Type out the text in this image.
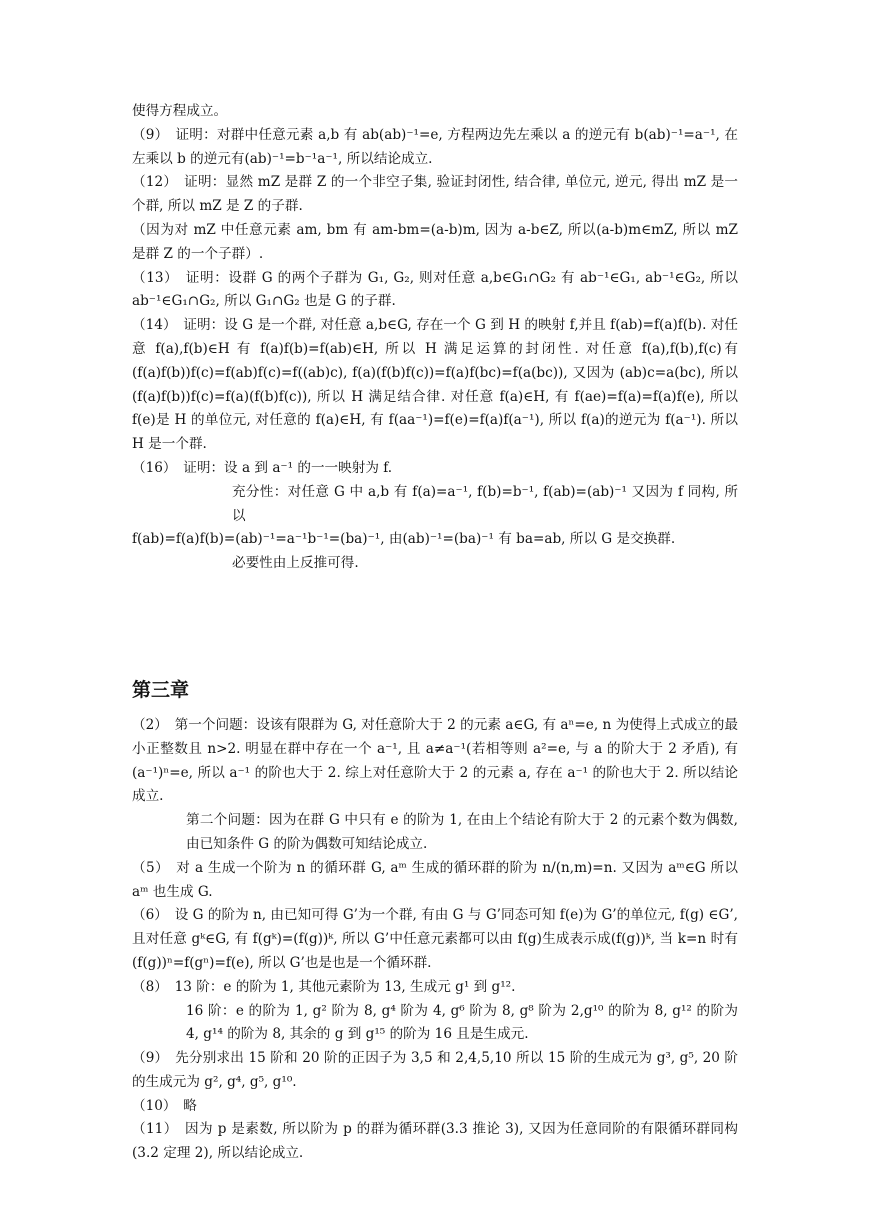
使得方程成立。

（9）　证明：对群中任意元素 a,b 有 ab(ab)⁻¹=e, 方程两边先左乘以 a 的逆元有 b(ab)⁻¹=a⁻¹, 在左乘以 b 的逆元有(ab)⁻¹=b⁻¹a⁻¹, 所以结论成立.

（12）　证明：显然 mZ 是群 Z 的一个非空子集, 验证封闭性, 结合律, 单位元, 逆元, 得出 mZ 是一个群, 所以 mZ 是 Z 的子群.

（因为对 mZ 中任意元素 am, bm 有 am-bm=(a-b)m, 因为 a-b∈Z, 所以(a-b)m∈mZ, 所以 mZ 是群 Z 的一个子群）.

（13）　证明：设群 G 的两个子群为 G₁, G₂, 则对任意 a,b∈G₁∩G₂ 有 ab⁻¹∈G₁, ab⁻¹∈G₂, 所以 ab⁻¹∈G₁∩G₂, 所以 G₁∩G₂ 也是 G 的子群.

（14）　证明：设 G 是一个群, 对任意 a,b∈G, 存在一个 G 到 H 的映射 f,并且 f(ab)=f(a)f(b). 对任意 f(a),f(b)∈H 有 f(a)f(b)=f(ab)∈H, 所以 H 满足运算的封闭性. 对任意 f(a),f(b),f(c)有(f(a)f(b))f(c)=f(ab)f(c)=f((ab)c), f(a)(f(b)f(c))=f(a)f(bc)=f(a(bc)), 又因为 (ab)c=a(bc), 所以(f(a)f(b))f(c)=f(a)(f(b)f(c)), 所以 H 满足结合律. 对任意 f(a)∈H, 有 f(ae)=f(a)=f(a)f(e), 所以 f(e)是 H 的单位元, 对任意的 f(a)∈H, 有 f(aa⁻¹)=f(e)=f(a)f(a⁻¹), 所以 f(a)的逆元为 f(a⁻¹). 所以 H 是一个群.

（16）　证明：设 a 到 a⁻¹ 的一一映射为 f.

充分性：对任意 G 中 a,b 有 f(a)=a⁻¹, f(b)=b⁻¹, f(ab)=(ab)⁻¹ 又因为 f 同构, 所以

f(ab)=f(a)f(b)=(ab)⁻¹=a⁻¹b⁻¹=(ba)⁻¹, 由(ab)⁻¹=(ba)⁻¹ 有 ba=ab, 所以 G 是交换群.

必要性由上反推可得.

第三章

（2）　第一个问题：设该有限群为 G, 对任意阶大于 2 的元素 a∈G, 有 aⁿ=e, n 为使得上式成立的最小正整数且 n>2. 明显在群中存在一个 a⁻¹, 且 a≠a⁻¹(若相等则 a²=e, 与 a 的阶大于 2 矛盾), 有(a⁻¹)ⁿ=e, 所以 a⁻¹ 的阶也大于 2. 综上对任意阶大于 2 的元素 a, 存在 a⁻¹ 的阶也大于 2. 所以结论成立.

第二个问题：因为在群 G 中只有 e 的阶为 1, 在由上个结论有阶大于 2 的元素个数为偶数, 由已知条件 G 的阶为偶数可知结论成立.

（5）　对 a 生成一个阶为 n 的循环群 G, aᵐ 生成的循环群的阶为 n/(n,m)=n. 又因为 aᵐ∈G 所以 aᵐ 也生成 G.

（6）　设 G 的阶为 n, 由已知可得 G’为一个群, 有由 G 与 G’同态可知 f(e)为 G’的单位元, f(g) ∈G’, 且对任意 gᵏ∈G, 有 f(gᵏ)=(f(g))ᵏ, 所以 G’中任意元素都可以由 f(g)生成表示成(f(g))ᵏ, 当 k=n 时有(f(g))ⁿ=f(gⁿ)=f(e), 所以 G’也是也是一个循环群.

（8）　13 阶：e 的阶为 1, 其他元素阶为 13, 生成元 g¹ 到 g¹².

16 阶：e 的阶为 1, g² 阶为 8, g⁴ 阶为 4, g⁶ 阶为 8, g⁸ 阶为 2,g¹⁰ 的阶为 8, g¹² 的阶为 4, g¹⁴ 的阶为 8, 其余的 g 到 g¹⁵ 的阶为 16 且是生成元.

（9）　先分别求出 15 阶和 20 阶的正因子为 3,5 和 2,4,5,10 所以 15 阶的生成元为 g³, g⁵, 20 阶的生成元为 g², g⁴, g⁵, g¹⁰.

（10）　略

（11）　因为 p 是素数, 所以阶为 p 的群为循环群(3.3 推论 3), 又因为任意同阶的有限循环群同构(3.2 定理 2), 所以结论成立.
